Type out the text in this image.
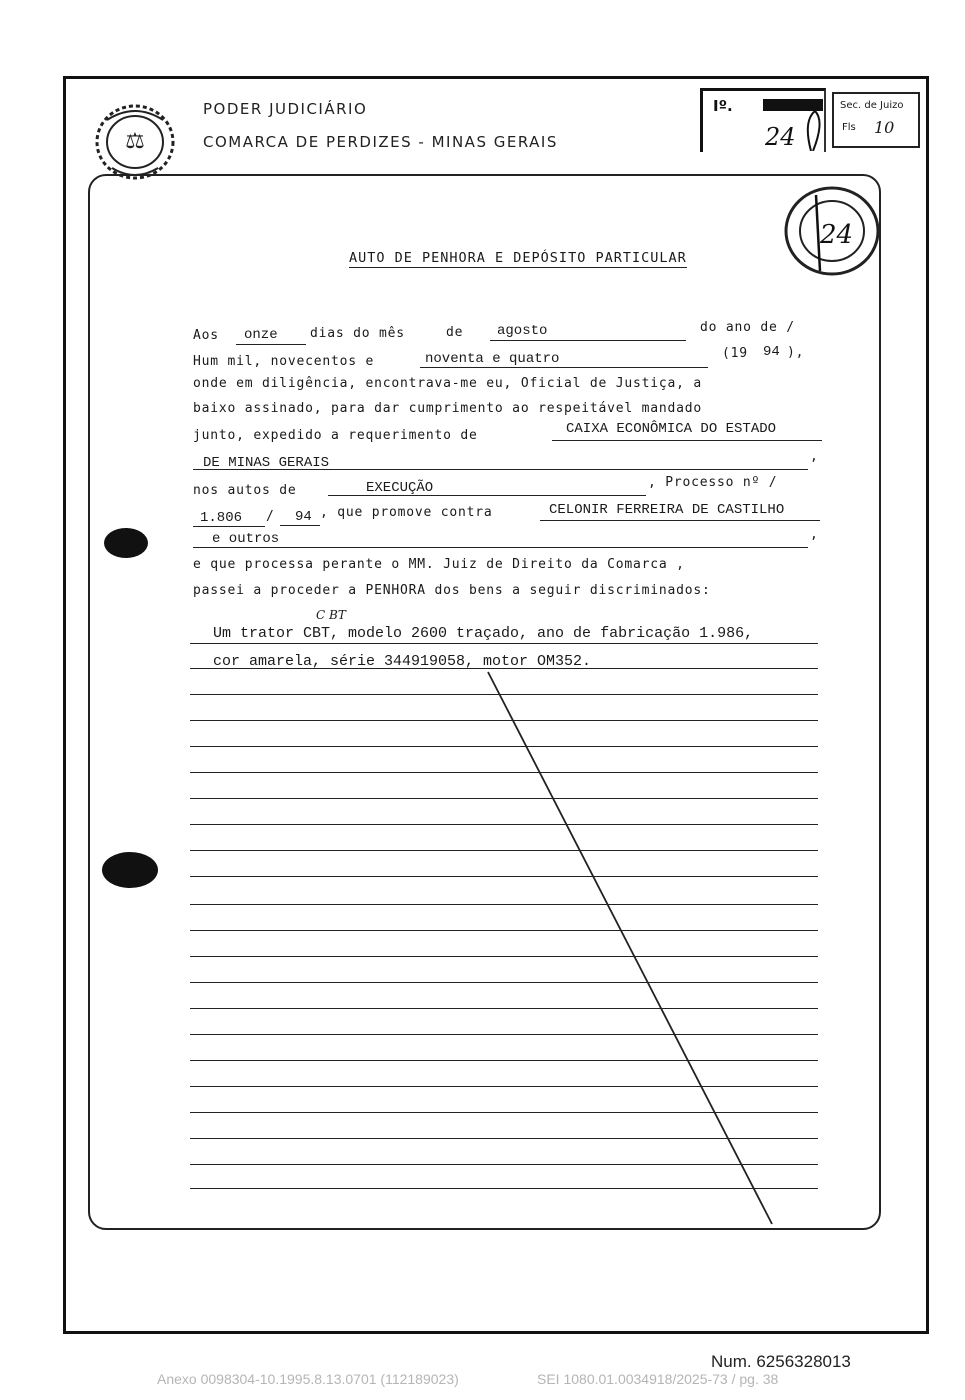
⚖
PODER JUDICIÁRIO
COMARCA DE PERDIZES - MINAS GERAIS
Iº.
24
Sec. de Juizo
Fls 10
24
AUTO DE PENHORA E DEPÓSITO PARTICULAR
Aos onze dias do mês	de agosto	do ano de /
Hum mil, novecentos e	noventa e quatro	(19 94 ),
onde em diligência, encontrava-me eu, Oficial de Justiça, a
baixo assinado, para dar cumprimento ao respeitável mandado
junto, expedido a requerimento de	CAIXA ECONÔMICA DO ESTADO
DE MINAS GERAIS	,
nos autos de	EXECUÇÃO	, Processo nº /
1.806 / 94 , que promove contra	CELONIR FERREIRA DE CASTILHO
e outros	,
e que processa perante o MM. Juiz de Direito da Comarca ,
passei a proceder a PENHORA dos bens a seguir discriminados:
C BT
Um trator CBT, modelo 2600 traçado, ano de fabricação 1.986,
cor amarela, série 344919058, motor OM352.
Num. 6256328013
Anexo 0098304-10.1995.8.13.0701 (112189023)	SEI 1080.01.0034918/2025-73 / pg. 38
